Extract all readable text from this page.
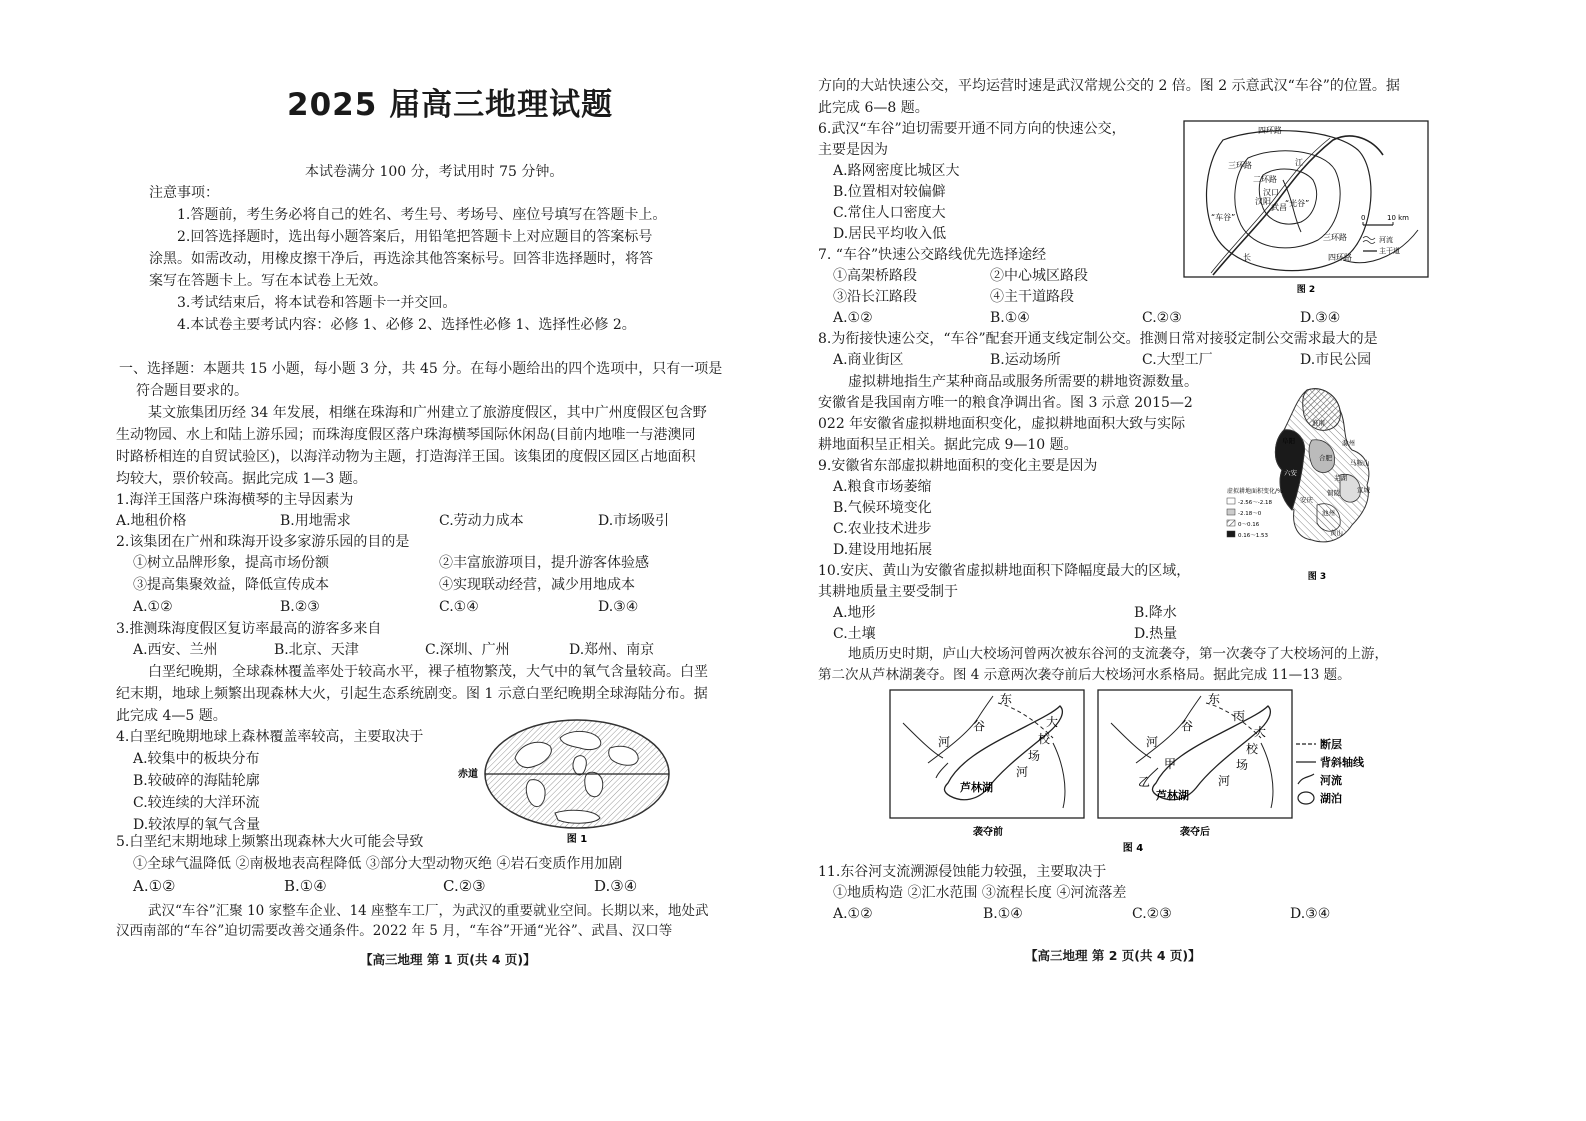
2025 届高三地理试题
本试卷满分 100 分，考试用时 75 分钟。
注意事项：
1.答题前，考生务必将自己的姓名、考生号、考场号、座位号填写在答题卡上。
2.回答选择题时，选出每小题答案后，用铅笔把答题卡上对应题目的答案标号
涂黑。如需改动，用橡皮擦干净后，再选涂其他答案标号。回答非选择题时，将答
案写在答题卡上。写在本试卷上无效。
3.考试结束后，将本试卷和答题卡一并交回。
4.本试卷主要考试内容：必修 1、必修 2、选择性必修 1、选择性必修 2。
一、选择题：本题共 15 小题，每小题 3 分，共 45 分。在每小题给出的四个选项中，只有一项是
符合题目要求的。
某文旅集团历经 34 年发展，相继在珠海和广州建立了旅游度假区，其中广州度假区包含野
生动物园、水上和陆上游乐园；而珠海度假区落户珠海横琴国际休闲岛(目前内地唯一与港澳同
时路桥相连的自贸试验区)，以海洋动物为主题，打造海洋王国。该集团的度假区园区占地面积
均较大，票价较高。据此完成 1—3 题。
1.海洋王国落户珠海横琴的主导因素为
A.地租价格	B.用地需求	C.劳动力成本	D.市场吸引
2.该集团在广州和珠海开设多家游乐园的目的是
①树立品牌形象，提高市场份额	②丰富旅游项目，提升游客体验感
③提高集聚效益，降低宣传成本	④实现联动经营，减少用地成本
A.①②	B.②③	C.①④	D.③④
3.推测珠海度假区复访率最高的游客多来自
A.西安、兰州	B.北京、天津	C.深圳、广州	D.郑州、南京
白垩纪晚期，全球森林覆盖率处于较高水平，裸子植物繁茂，大气中的氧气含量较高。白垩
纪末期，地球上频繁出现森林大火，引起生态系统剧变。图 1 示意白垩纪晚期全球海陆分布。据
此完成 4—5 题。
4.白垩纪晚期地球上森林覆盖率较高，主要取决于
A.较集中的板块分布
B.较破碎的海陆轮廓
C.较连续的大洋环流
D.较浓厚的氧气含量
赤道
图 1
5.白垩纪末期地球上频繁出现森林大火可能会导致
①全球气温降低 ②南极地表高程降低 ③部分大型动物灭绝 ④岩石变质作用加剧
A.①②	B.①④	C.②③	D.③④
武汉“车谷”汇聚 10 家整车企业、14 座整车工厂，为武汉的重要就业空间。长期以来，地处武
汉西南部的“车谷”迫切需要改善交通条件。2022 年 5 月，“车谷”开通“光谷”、武昌、汉口等
【高三地理 第 1 页(共 4 页)】
方向的大站快速公交，平均运营时速是武汉常规公交的 2 倍。图 2 示意武汉“车谷”的位置。据
此完成 6—8 题。
6.武汉“车谷”迫切需要开通不同方向的快速公交，
主要是因为
A.路网密度比城区大
B.位置相对较偏僻
C.常住人口密度大
D.居民平均收入低
7. “车谷”快速公交路线优先选择途经
①高架桥路段	②中心城区路段
③沿长江路段	④主干道路段
A.①②	B.①④	C.②③	D.③④
四环路
三环路
二环路
汉口
武昌
汉阳
江
长
“光谷”
“车谷”
三环路
四环路
0	10 km
河流
主干道
图 2
8.为衔接快速公交，“车谷”配套开通支线定制公交。推测日常对接驳定制公交需求最大的是
A.商业街区	B.运动场所	C.大型工厂	D.市民公园
虚拟耕地指生产某种商品或服务所需要的耕地资源数量。
安徽省是我国南方唯一的粮食净调出省。图 3 示意 2015—2
022 年安徽省虚拟耕地面积变化，虚拟耕地面积大致与实际
耕地面积呈正相关。据此完成 9—10 题。
9.安徽省东部虚拟耕地面积的变化主要是因为
A.粮食市场萎缩
B.气候环境变化
C.农业技术进步
D.建设用地拓展
阜阳
淮南
滁州
合肥
马鞍山
六安
芜湖
宣城
铜陵
池州
安庆
黄山
虚拟耕地面积变化/%
-2.56～-2.18
-2.18～0
0～0.16
0.16～1.53
图 3
10.安庆、黄山为安徽省虚拟耕地面积下降幅度最大的区域，
其耕地质量主要受制于
A.地形	B.降水
C.土壤	D.热量
地质历史时期，庐山大校场河曾两次被东谷河的支流袭夺，第一次袭夺了大校场河的上游，
第二次从芦林湖袭夺。图 4 示意两次袭夺前后大校场河水系格局。据此完成 11—13 题。
东
谷
河
大
校
场
河
芦林湖
东
谷
河
丙
大
校
场
河
甲
乙
芦林湖
断层
背斜轴线
河流
湖泊
袭夺前	袭夺后
图 4
11.东谷河支流溯源侵蚀能力较强，主要取决于
①地质构造 ②汇水范围 ③流程长度 ④河流落差
A.①②	B.①④	C.②③	D.③④
【高三地理 第 2 页(共 4 页)】
